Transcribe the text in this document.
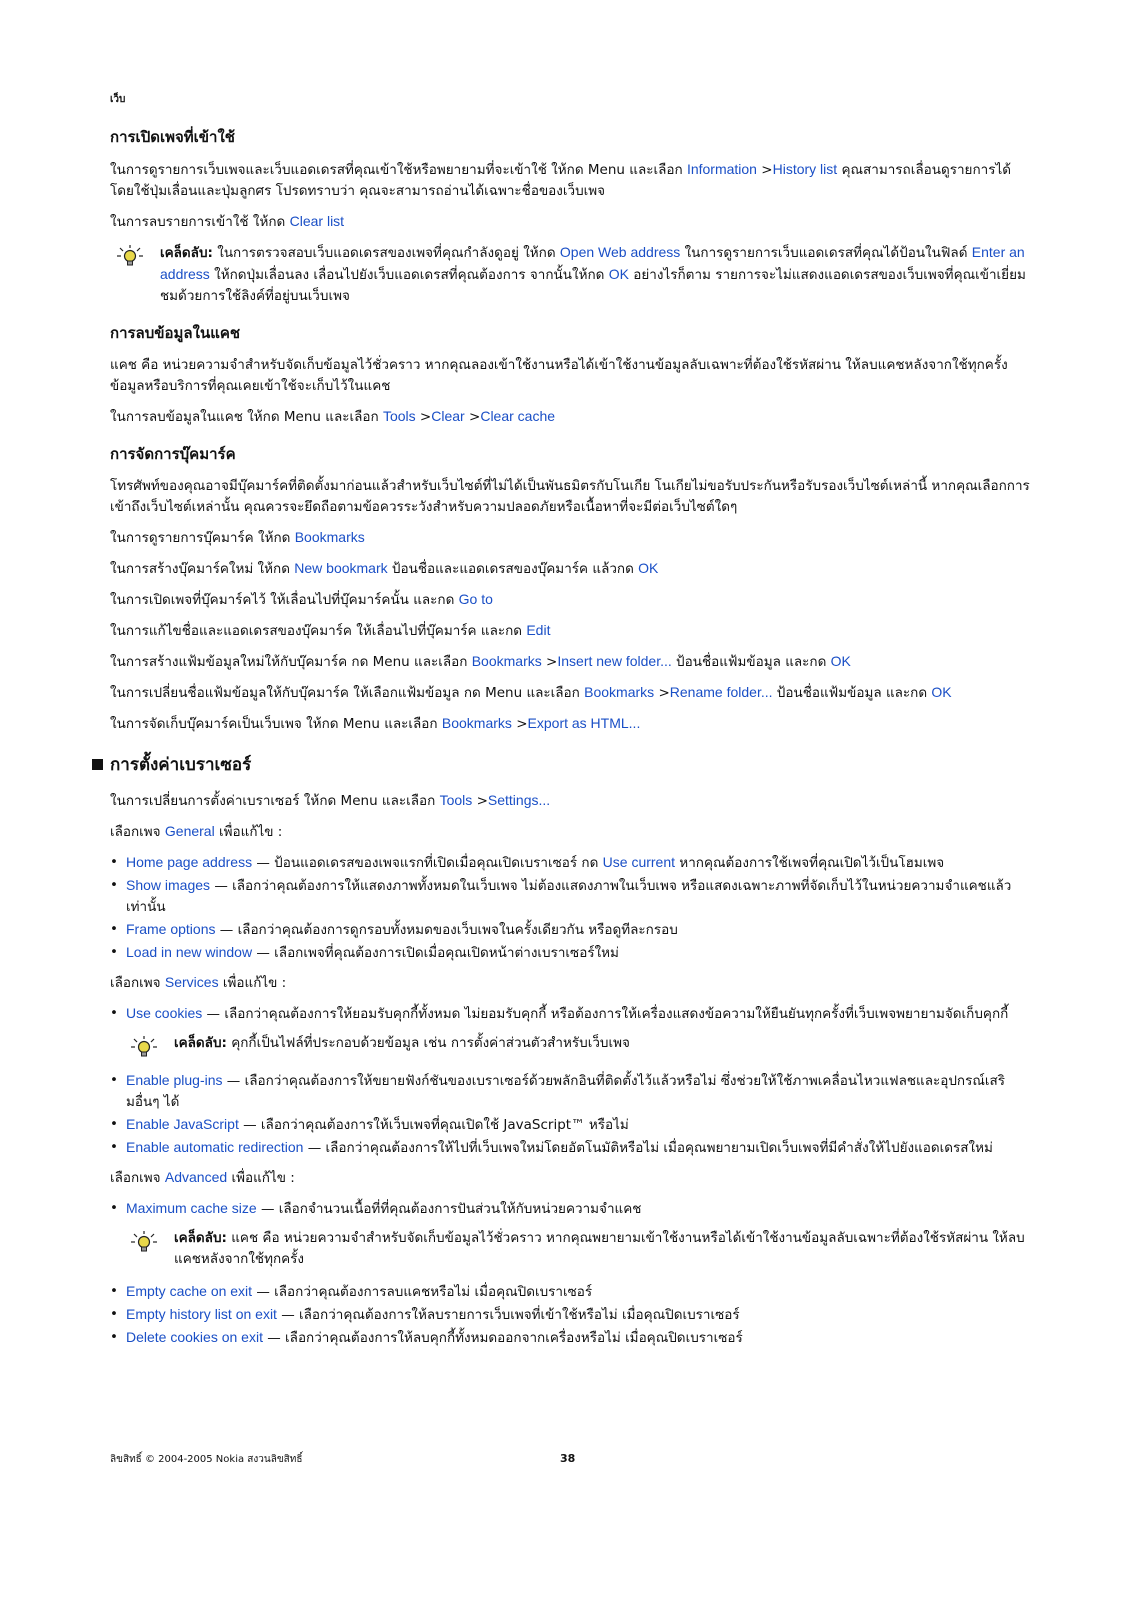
เว็บ
การเปิดเพจที่เข้าใช้

ในการดูรายการเว็บเพจและเว็บแอดเดรสที่คุณเข้าใช้หรือพยายามที่จะเข้าใช้ ให้กด Menu และเลือก Information >History list คุณสามารถเลื่อนดูรายการได้ โดยใช้ปุ่มเลื่อนและปุ่มลูกศร โปรดทราบว่า คุณจะสามารถอ่านได้เฉพาะชื่อของเว็บเพจ

ในการลบรายการเข้าใช้ ให้กด Clear list

เคล็ดลับ: ในการตรวจสอบเว็บแอดเดรสของเพจที่คุณกำลังดูอยู่ ให้กด Open Web address ในการดูรายการเว็บแอดเดรสที่คุณได้ป้อนในฟิลด์ Enter an address ให้กดปุ่มเลื่อนลง เลื่อนไปยังเว็บแอดเดรสที่คุณต้องการ จากนั้นให้กด OK อย่างไรก็ตาม รายการจะไม่แสดงแอดเดรสของเว็บเพจที่คุณเข้าเยี่ยมชมด้วยการใช้ลิงค์ที่อยู่บนเว็บเพจ
การลบข้อมูลในแคช

แคช คือ หน่วยความจำสำหรับจัดเก็บข้อมูลไว้ชั่วคราว หากคุณลองเข้าใช้งานหรือได้เข้าใช้งานข้อมูลลับเฉพาะที่ต้องใช้รหัสผ่าน ให้ลบแคชหลังจากใช้ทุกครั้ง ข้อมูลหรือบริการที่คุณเคยเข้าใช้จะเก็บไว้ในแคช

ในการลบข้อมูลในแคช ให้กด Menu และเลือก Tools >Clear >Clear cache

การจัดการบุ๊คมาร์ค

โทรศัพท์ของคุณอาจมีบุ๊คมาร์คที่ติดตั้งมาก่อนแล้วสำหรับเว็บไซต์ที่ไม่ได้เป็นพันธมิตรกับโนเกีย โนเกียไม่ขอรับประกันหรือรับรองเว็บไซต์เหล่านี้ หากคุณเลือกการเข้าถึงเว็บไซต์เหล่านั้น คุณควรจะยึดถือตามข้อควรระวังสำหรับความปลอดภัยหรือเนื้อหาที่จะมีต่อเว็บไซต์ใดๆ

ในการดูรายการบุ๊คมาร์ค ให้กด Bookmarks

ในการสร้างบุ๊คมาร์คใหม่ ให้กด New bookmark ป้อนชื่อและแอดเดรสของบุ๊คมาร์ค แล้วกด OK

ในการเปิดเพจที่บุ๊คมาร์คไว้ ให้เลื่อนไปที่บุ๊คมาร์คนั้น และกด Go to

ในการแก้ไขชื่อและแอดเดรสของบุ๊คมาร์ค ให้เลื่อนไปที่บุ๊คมาร์ค และกด Edit

ในการสร้างแฟ้มข้อมูลใหม่ให้กับบุ๊คมาร์ค กด Menu และเลือก Bookmarks >Insert new folder... ป้อนชื่อแฟ้มข้อมูล และกด OK

ในการเปลี่ยนชื่อแฟ้มข้อมูลให้กับบุ๊คมาร์ค ให้เลือกแฟ้มข้อมูล กด Menu และเลือก Bookmarks >Rename folder... ป้อนชื่อแฟ้มข้อมูล และกด OK

ในการจัดเก็บบุ๊คมาร์คเป็นเว็บเพจ ให้กด Menu และเลือก Bookmarks >Export as HTML...

การตั้งค่าเบราเซอร์

ในการเปลี่ยนการตั้งค่าเบราเซอร์ ให้กด Menu และเลือก Tools >Settings...

เลือกเพจ General เพื่อแก้ไข :

• Home page address — ป้อนแอดเดรสของเพจแรกที่เปิดเมื่อคุณเปิดเบราเซอร์ กด Use current หากคุณต้องการใช้เพจที่คุณเปิดไว้เป็นโฮมเพจ
• Show images — เลือกว่าคุณต้องการให้แสดงภาพทั้งหมดในเว็บเพจ ไม่ต้องแสดงภาพในเว็บเพจ หรือแสดงเฉพาะภาพที่จัดเก็บไว้ในหน่วยความจำแคชแล้วเท่านั้น
• Frame options — เลือกว่าคุณต้องการดูกรอบทั้งหมดของเว็บเพจในครั้งเดียวกัน หรือดูทีละกรอบ
• Load in new window — เลือกเพจที่คุณต้องการเปิดเมื่อคุณเปิดหน้าต่างเบราเซอร์ใหม่

เลือกเพจ Services เพื่อแก้ไข :

• Use cookies — เลือกว่าคุณต้องการให้ยอมรับคุกกี้ทั้งหมด ไม่ยอมรับคุกกี้ หรือต้องการให้เครื่องแสดงข้อความให้ยืนยันทุกครั้งที่เว็บเพจพยายามจัดเก็บคุกกี้
เคล็ดลับ: คุกกี้เป็นไฟล์ที่ประกอบด้วยข้อมูล เช่น การตั้งค่าส่วนตัวสำหรับเว็บเพจ
• Enable plug-ins — เลือกว่าคุณต้องการให้ขยายฟังก์ชันของเบราเซอร์ด้วยพลักอินที่ติดตั้งไว้แล้วหรือไม่ ซึ่งช่วยให้ใช้ภาพเคลื่อนไหวแฟลชและอุปกรณ์เสริมอื่นๆ ได้
• Enable JavaScript — เลือกว่าคุณต้องการให้เว็บเพจที่คุณเปิดใช้ JavaScript™ หรือไม่
• Enable automatic redirection — เลือกว่าคุณต้องการให้ไปที่เว็บเพจใหม่โดยอัตโนมัติหรือไม่ เมื่อคุณพยายามเปิดเว็บเพจที่มีคำสั่งให้ไปยังแอดเดรสใหม่

เลือกเพจ Advanced เพื่อแก้ไข :

• Maximum cache size — เลือกจำนวนเนื้อที่ที่คุณต้องการปันส่วนให้กับหน่วยความจำแคช
เคล็ดลับ: แคช คือ หน่วยความจำสำหรับจัดเก็บข้อมูลไว้ชั่วคราว หากคุณพยายามเข้าใช้งานหรือได้เข้าใช้งานข้อมูลลับเฉพาะที่ต้องใช้รหัสผ่าน ให้ลบแคชหลังจากใช้ทุกครั้ง
• Empty cache on exit — เลือกว่าคุณต้องการลบแคชหรือไม่ เมื่อคุณปิดเบราเซอร์
• Empty history list on exit — เลือกว่าคุณต้องการให้ลบรายการเว็บเพจที่เข้าใช้หรือไม่ เมื่อคุณปิดเบราเซอร์
• Delete cookies on exit — เลือกว่าคุณต้องการให้ลบคุกกี้ทั้งหมดออกจากเครื่องหรือไม่ เมื่อคุณปิดเบราเซอร์
ลิขสิทธิ์ © 2004-2005 Nokia สงวนลิขสิทธิ์	38
